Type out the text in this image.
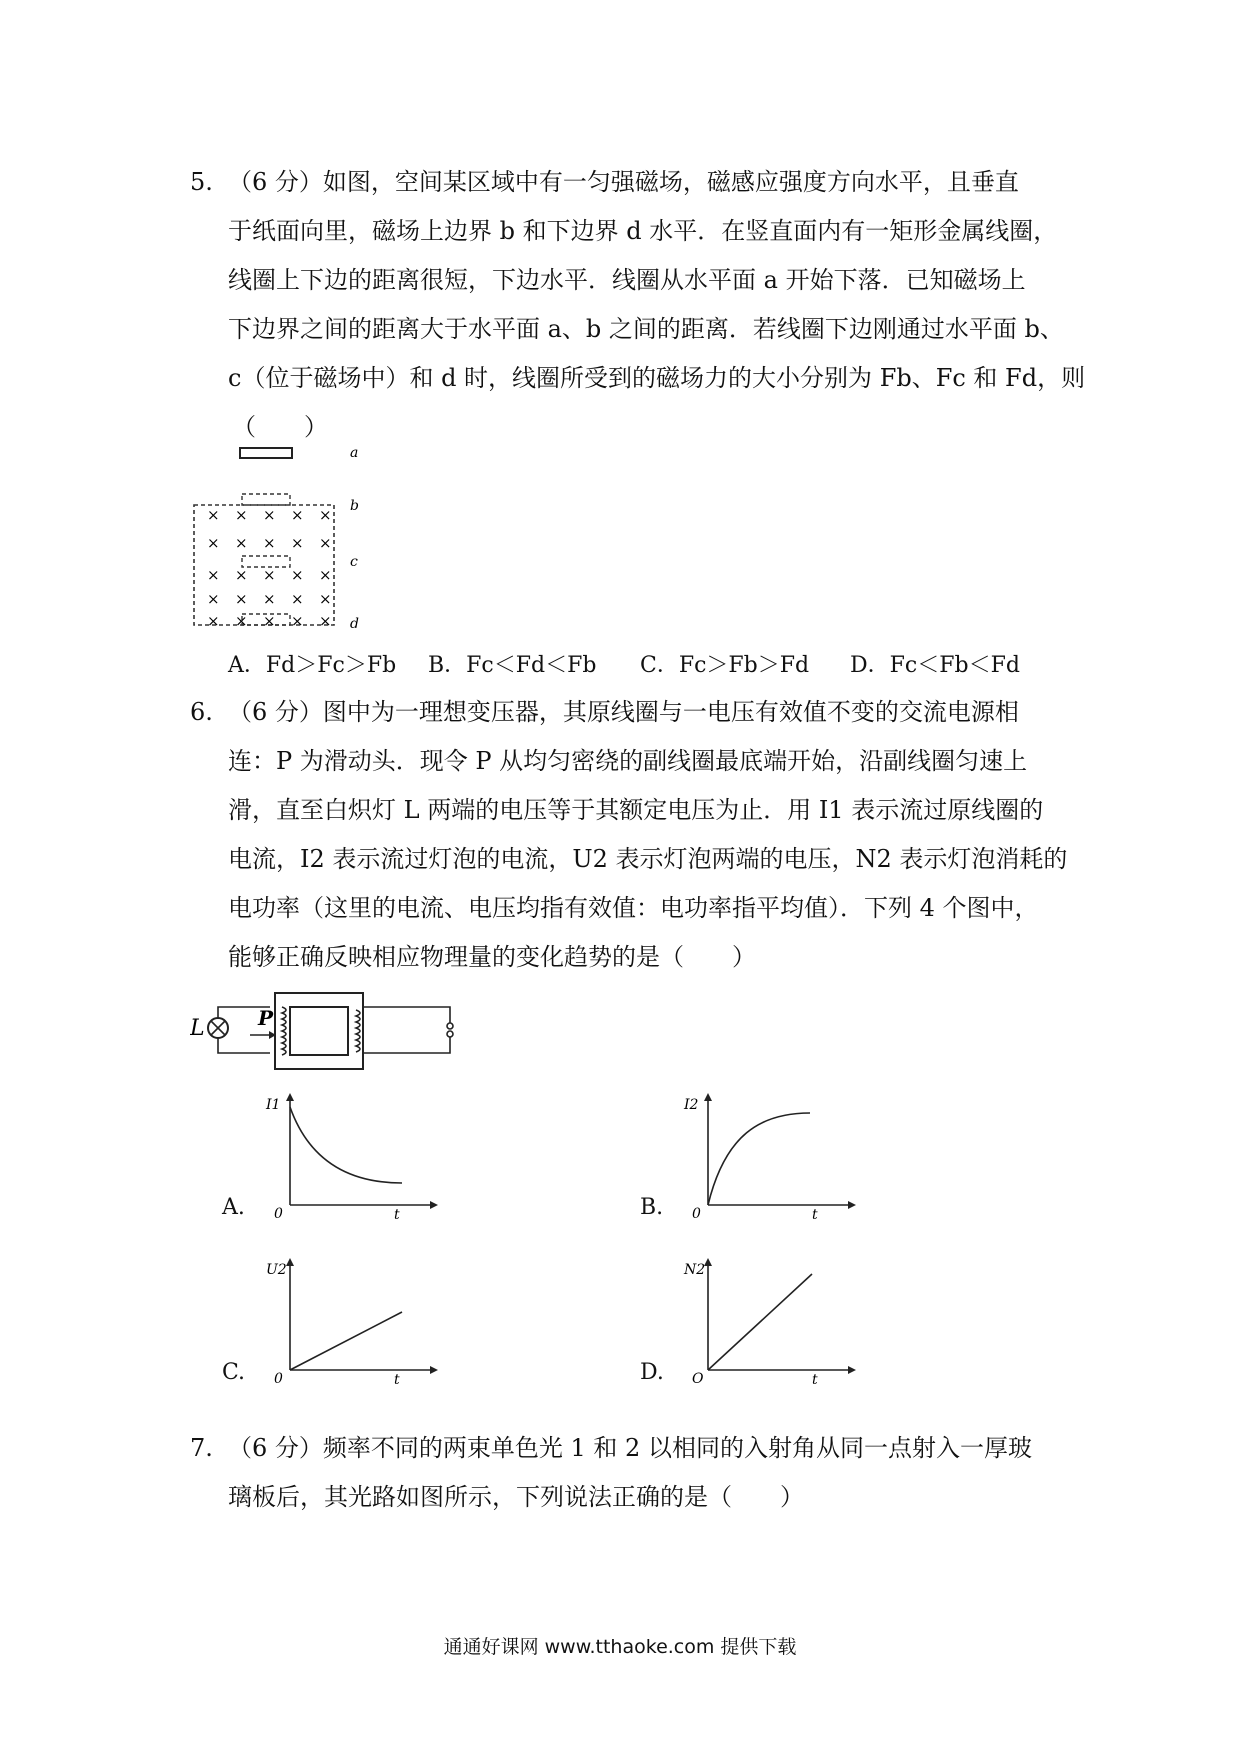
5. （6 分）如图，空间某区域中有一匀强磁场，磁感应强度方向水平，且垂直
于纸面向里，磁场上边界 b 和下边界 d 水平．在竖直面内有一矩形金属线圈，
线圈上下边的距离很短，下边水平．线圈从水平面 a 开始下落．已知磁场上
下边界之间的距离大于水平面 a、b 之间的距离．若线圈下边刚通过水平面 b、
c（位于磁场中）和 d 时，线圈所受到的磁场力的大小分别为 Fb、Fc 和 Fd，则
（　　）
a
b
c
d
× × × × ×
× × × × ×
× × × × ×
× × × × ×
× × × × ×
A．Fd＞Fc＞Fb B．Fc＜Fd＜Fb C．Fc＞Fb＞Fd D．Fc＜Fb＜Fd
6. （6 分）图中为一理想变压器，其原线圈与一电压有效值不变的交流电源相
连：P 为滑动头．现令 P 从均匀密绕的副线圈最底端开始，沿副线圈匀速上
滑，直至白炽灯 L 两端的电压等于其额定电压为止．用 I1 表示流过原线圈的
电流，I2 表示流过灯泡的电流，U2 表示灯泡两端的电压，N2 表示灯泡消耗的
电功率（这里的电流、电压均指有效值：电功率指平均值）．下列 4 个图中，
能够正确反映相应物理量的变化趋势的是（　　）
L	P
A.
I1
0	t	B.
I2
0	t
C.
U2
0	t	D.
N2
O	t
7. （6 分）频率不同的两束单色光 1 和 2 以相同的入射角从同一点射入一厚玻
璃板后，其光路如图所示，下列说法正确的是（　　）
通通好课网 www.tthaoke.com 提供下载
